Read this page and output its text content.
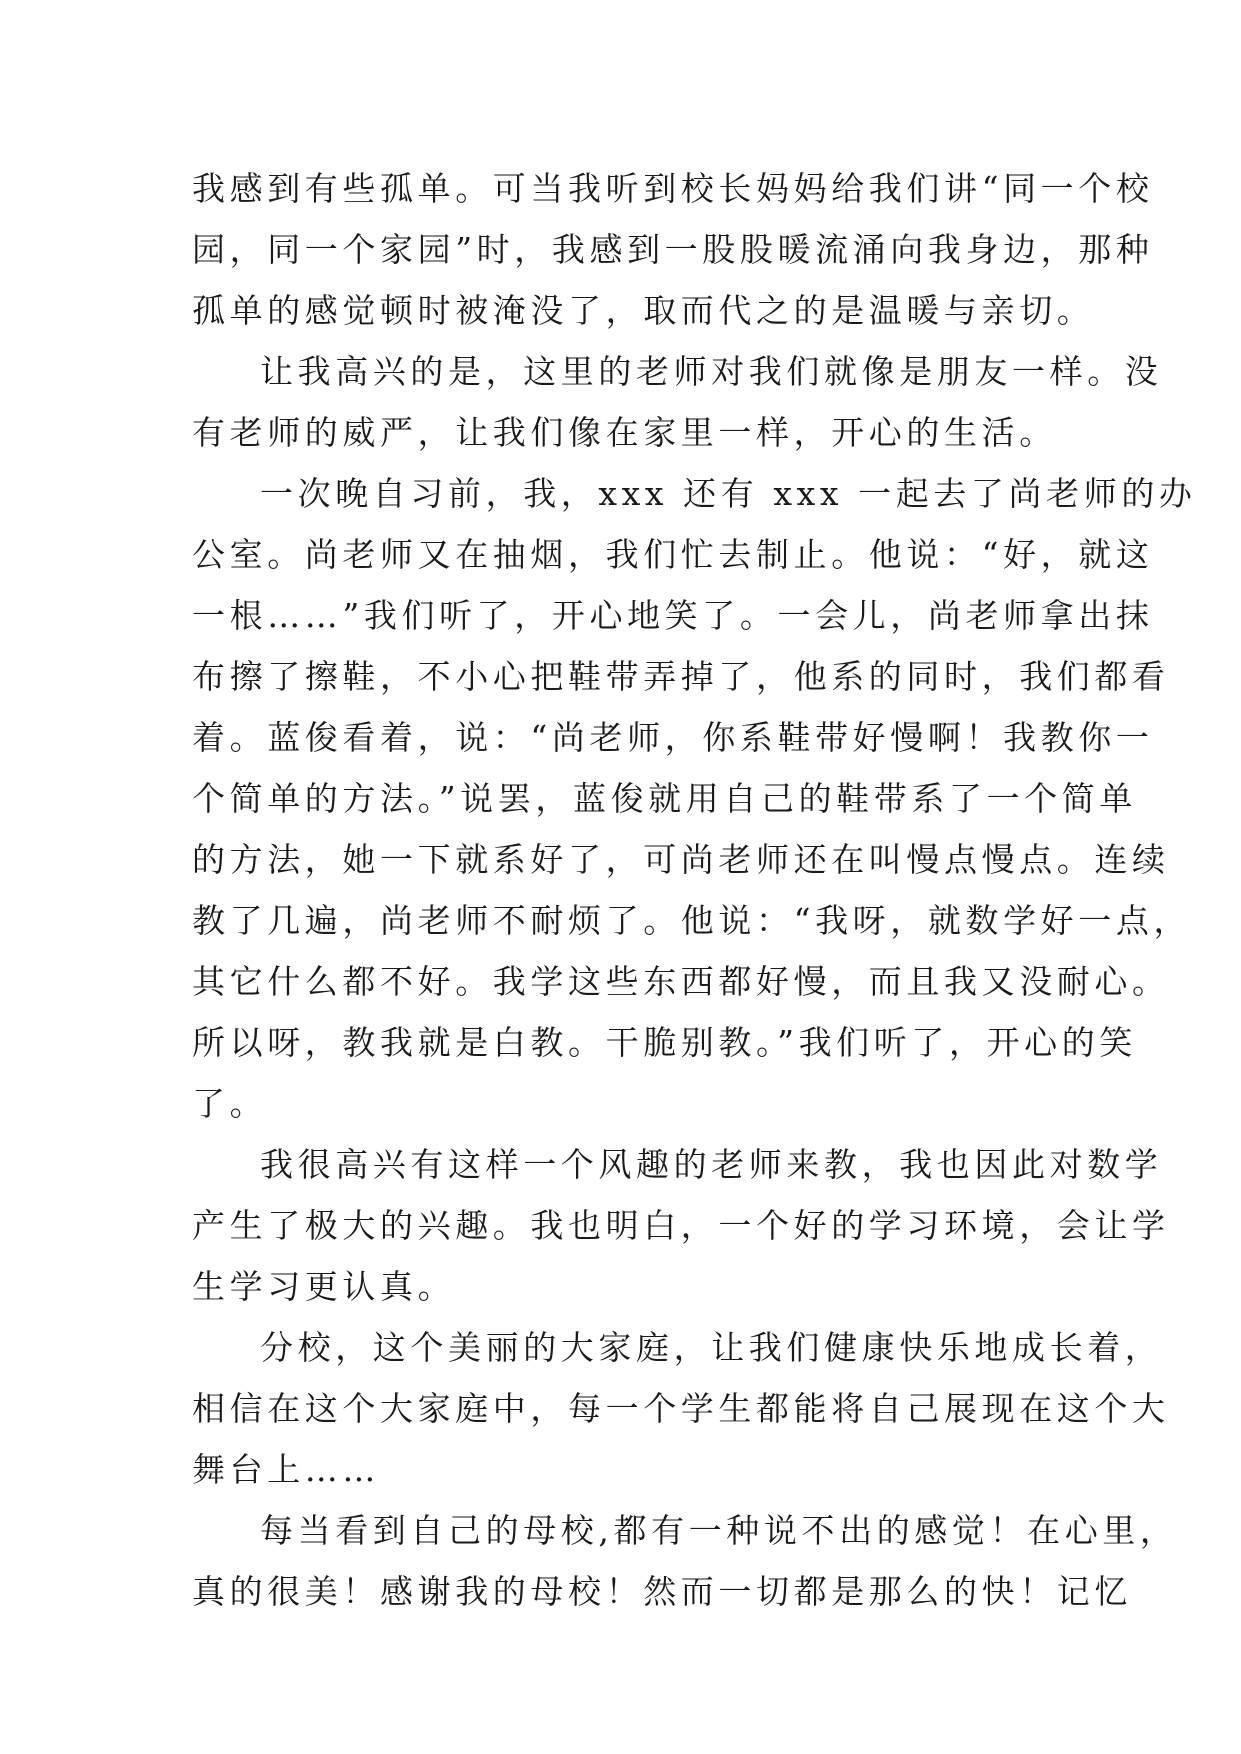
我感到有些孤单。可当我听到校长妈妈给我们讲“同一个校
园，同一个家园”时，我感到一股股暖流涌向我身边，那种
孤单的感觉顿时被淹没了，取而代之的是温暖与亲切。
让我高兴的是，这里的老师对我们就像是朋友一样。没
有老师的威严，让我们像在家里一样，开心的生活。
一次晚自习前，我，xxx 还有 xxx 一起去了尚老师的办
公室。尚老师又在抽烟，我们忙去制止。他说：“好，就这
一根……”我们听了，开心地笑了。一会儿，尚老师拿出抹
布擦了擦鞋，不小心把鞋带弄掉了，他系的同时，我们都看
着。蓝俊看着，说：“尚老师，你系鞋带好慢啊！我教你一
个简单的方法。”说罢，蓝俊就用自己的鞋带系了一个简单
的方法，她一下就系好了，可尚老师还在叫慢点慢点。连续
教了几遍，尚老师不耐烦了。他说：“我呀，就数学好一点，
其它什么都不好。我学这些东西都好慢，而且我又没耐心。
所以呀，教我就是白教。干脆别教。”我们听了，开心的笑
了。
我很高兴有这样一个风趣的老师来教，我也因此对数学
产生了极大的兴趣。我也明白，一个好的学习环境，会让学
生学习更认真。
分校，这个美丽的大家庭，让我们健康快乐地成长着，
相信在这个大家庭中，每一个学生都能将自己展现在这个大
舞台上……
每当看到自己的母校,都有一种说不出的感觉！在心里，
真的很美！感谢我的母校！然而一切都是那么的快！记忆
